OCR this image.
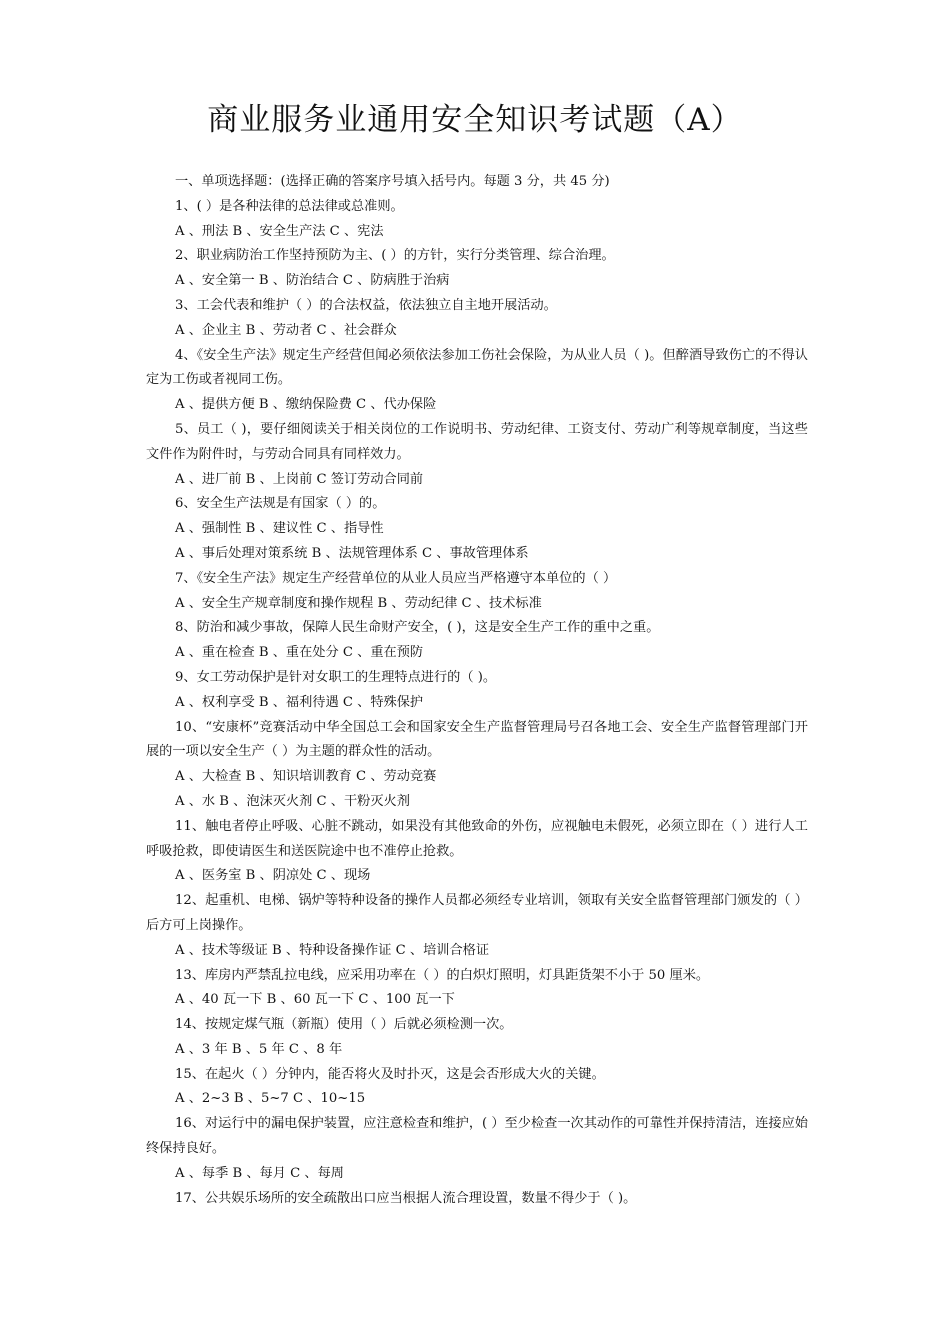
商业服务业通用安全知识考试题（A）
一、单项选择题：(选择正确的答案序号填入括号内。每题 3 分，共 45 分)
1、( ）是各种法律的总法律或总准则。
A 、刑法 B 、安全生产法 C 、宪法
2、职业病防治工作坚持预防为主、( ）的方针，实行分类管理、综合治理。
A 、安全第一 B 、防治结合 C 、防病胜于治病
3、工会代表和维护（ ）的合法权益，依法独立自主地开展活动。
A 、企业主 B 、劳动者 C 、社会群众
4、《安全生产法》规定生产经营但闻必须依法参加工伤社会保险，为从业人员（ )。但醉酒导致伤亡的不得认定为工伤或者视同工伤。
A 、提供方便 B 、缴纳保险费 C 、代办保险
5、员工（ )，要仔细阅读关于相关岗位的工作说明书、劳动纪律、工资支付、劳动广利等规章制度，当这些文件作为附件时，与劳动合同具有同样效力。
A 、进厂前 B 、上岗前 C 签订劳动合同前
6、安全生产法规是有国家（ ）的。
A 、强制性 B 、建议性 C 、指导性
A 、事后处理对策系统 B 、法规管理体系 C 、事故管理体系
7、《安全生产法》规定生产经营单位的从业人员应当严格遵守本单位的（ ）
A 、安全生产规章制度和操作规程 B 、劳动纪律 C 、技术标准
8、防治和减少事故，保障人民生命财产安全，( )，这是安全生产工作的重中之重。
A 、重在检查 B 、重在处分 C 、重在预防
9、女工劳动保护是针对女职工的生理特点进行的（ )。
A 、权利享受 B 、福利待遇 C 、特殊保护
10、“安康杯”竞赛活动中华全国总工会和国家安全生产监督管理局号召各地工会、安全生产监督管理部门开展的一项以安全生产（ ）为主题的群众性的活动。
A 、大检查 B 、知识培训教育 C 、劳动竞赛
A 、水 B 、泡沫灭火剂 C 、干粉灭火剂
11、触电者停止呼吸、心脏不跳动，如果没有其他致命的外伤，应视触电未假死，必须立即在（ ）进行人工呼吸抢救，即使请医生和送医院途中也不准停止抢救。
A 、医务室 B 、阴凉处 C 、现场
12、起重机、电梯、锅炉等特种设备的操作人员都必须经专业培训，领取有关安全监督管理部门颁发的（ ）后方可上岗操作。
A 、技术等级证 B 、特种设备操作证 C 、培训合格证
13、库房内严禁乱拉电线，应采用功率在（ ）的白炽灯照明，灯具距货架不小于 50 厘米。
A 、40 瓦一下 B 、60 瓦一下 C 、100 瓦一下
14、按规定煤气瓶（新瓶）使用（ ）后就必须检测一次。
A 、3 年 B 、5 年 C 、8 年
15、在起火（ ）分钟内，能否将火及时扑灭，这是会否形成大火的关键。
A 、2~3 B 、5~7 C 、10~15
16、对运行中的漏电保护装置，应注意检查和维护，( ）至少检查一次其动作的可靠性并保持清洁，连接应始终保持良好。
A 、每季 B 、每月 C 、每周
17、公共娱乐场所的安全疏散出口应当根据人流合理设置，数量不得少于（ )。
